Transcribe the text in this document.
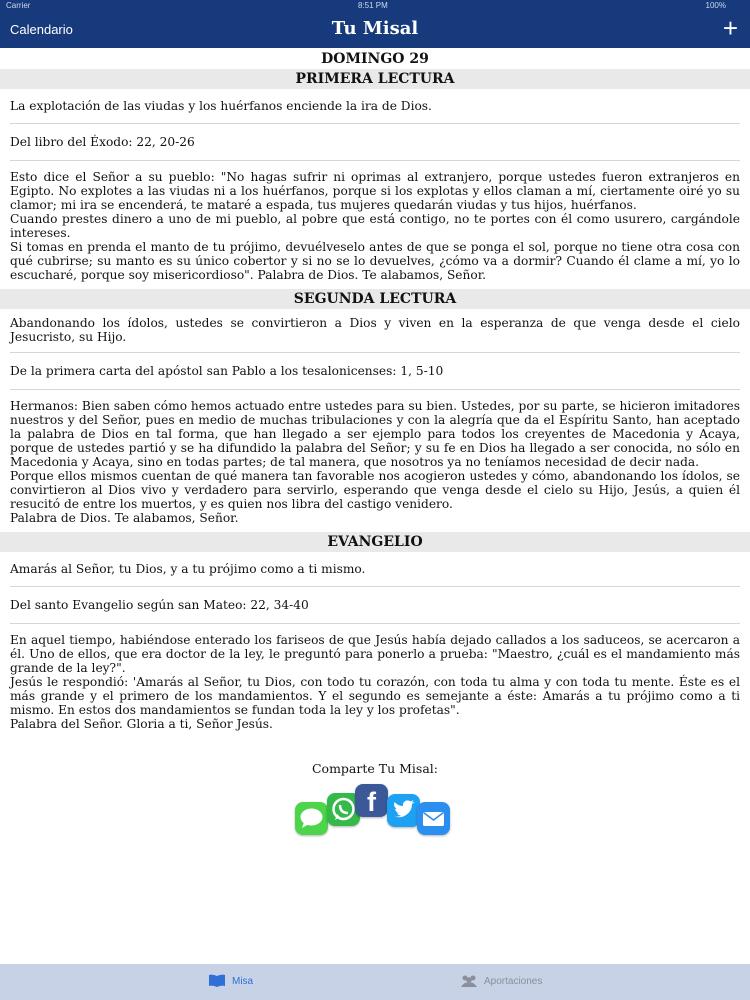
Carrier	8:51 PM	100%
Calendario	Tu Misal	+
DOMINGO 29
PRIMERA LECTURA
La explotación de las viudas y los huérfanos enciende la ira de Dios.
Del libro del Éxodo: 22, 20-26
Esto dice el Señor a su pueblo: "No hagas sufrir ni oprimas al extranjero, porque ustedes fueron extranjeros en Egipto. No explotes a las viudas ni a los huérfanos, porque si los explotas y ellos claman a mí, ciertamente oiré yo su clamor; mi ira se encenderá, te mataré a espada, tus mujeres quedarán viudas y tus hijos, huérfanos.
Cuando prestes dinero a uno de mi pueblo, al pobre que está contigo, no te portes con él como usurero, cargándole intereses.
Si tomas en prenda el manto de tu prójimo, devuélveselo antes de que se ponga el sol, porque no tiene otra cosa con qué cubrirse; su manto es su único cobertor y si no se lo devuelves, ¿cómo va a dormir? Cuando él clame a mí, yo lo escucharé, porque soy misericordioso". Palabra de Dios. Te alabamos, Señor.
SEGUNDA LECTURA
Abandonando los ídolos, ustedes se convirtieron a Dios y viven en la esperanza de que venga desde el cielo Jesucristo, su Hijo.
De la primera carta del apóstol san Pablo a los tesalonicenses: 1, 5-10
Hermanos: Bien saben cómo hemos actuado entre ustedes para su bien. Ustedes, por su parte, se hicieron imitadores nuestros y del Señor, pues en medio de muchas tribulaciones y con la alegría que da el Espíritu Santo, han aceptado la palabra de Dios en tal forma, que han llegado a ser ejemplo para todos los creyentes de Macedonia y Acaya, porque de ustedes partió y se ha difundido la palabra del Señor; y su fe en Dios ha llegado a ser conocida, no sólo en Macedonia y Acaya, sino en todas partes; de tal manera, que nosotros ya no teníamos necesidad de decir nada.
Porque ellos mismos cuentan de qué manera tan favorable nos acogieron ustedes y cómo, abandonando los ídolos, se convirtieron al Dios vivo y verdadero para servirlo, esperando que venga desde el cielo su Hijo, Jesús, a quien él resucitó de entre los muertos, y es quien nos libra del castigo venidero.
Palabra de Dios. Te alabamos, Señor.
EVANGELIO
Amarás al Señor, tu Dios, y a tu prójimo como a ti mismo.
Del santo Evangelio según san Mateo: 22, 34-40
En aquel tiempo, habiéndose enterado los fariseos de que Jesús había dejado callados a los saduceos, se acercaron a él. Uno de ellos, que era doctor de la ley, le preguntó para ponerlo a prueba: "Maestro, ¿cuál es el mandamiento más grande de la ley?".
Jesús le respondió: 'Amarás al Señor, tu Dios, con todo tu corazón, con toda tu alma y con toda tu mente. Éste es el más grande y el primero de los mandamientos. Y el segundo es semejante a éste: Amarás a tu prójimo como a ti mismo. En estos dos mandamientos se fundan toda la ley y los profetas".
Palabra del Señor. Gloria a ti, Señor Jesús.
Comparte Tu Misal:
f
Misa	Aportaciones
